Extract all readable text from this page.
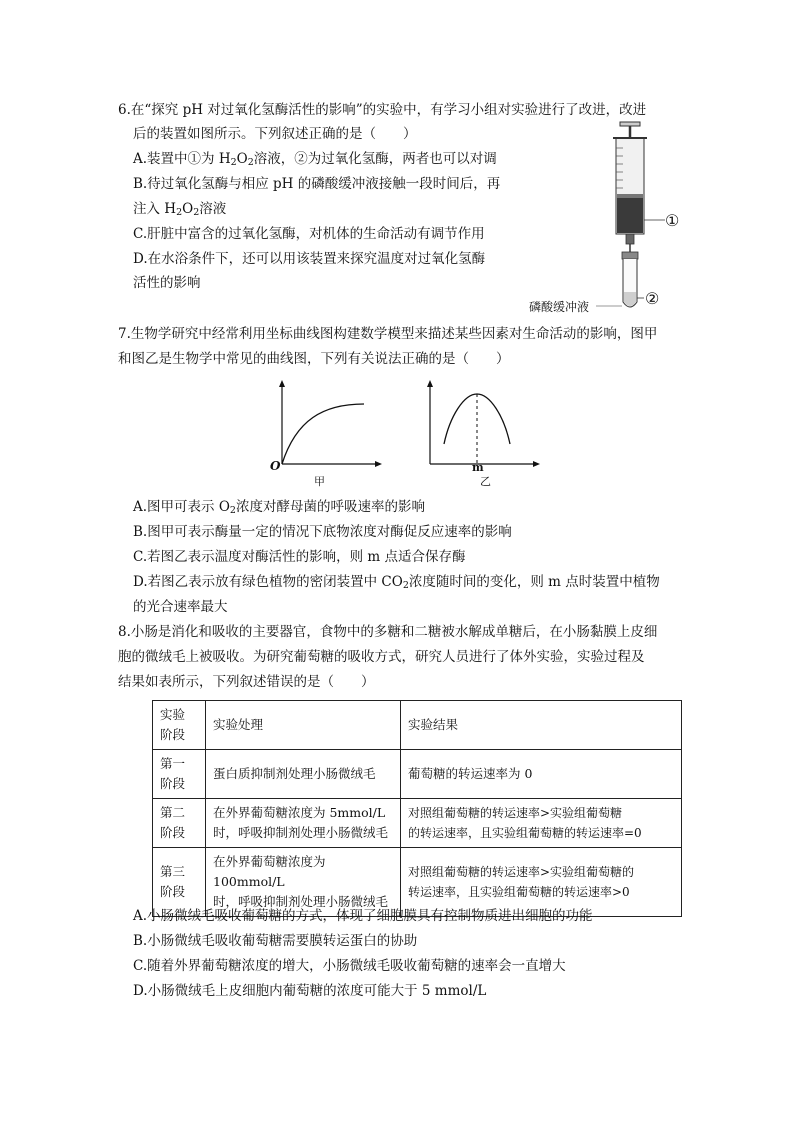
6.在“探究 pH 对过氧化氢酶活性的影响”的实验中，有学习小组对实验进行了改进，改进
后的装置如图所示。下列叙述正确的是（　　）
A.装置中①为 $H_2O_2$溶液，②为过氧化氢酶，两者也可以对调
B.待过氧化氢酶与相应 pH 的磷酸缓冲液接触一段时间后，再
注入 $H_2O_2$溶液
C.肝脏中富含的过氧化氢酶，对机体的生命活动有调节作用
D.在水浴条件下，还可以用该装置来探究温度对过氧化氢酶
活性的影响
①
②
磷酸缓冲液
7.生物学研究中经常利用坐标曲线图构建数学模型来描述某些因素对生命活动的影响，图甲
和图乙是生物学中常见的曲线图，下列有关说法正确的是（　　）
O
甲
m
乙
A.图甲可表示 $O_2$浓度对酵母菌的呼吸速率的影响
B.图甲可表示酶量一定的情况下底物浓度对酶促反应速率的影响
C.若图乙表示温度对酶活性的影响，则 m 点适合保存酶
D.若图乙表示放有绿色植物的密闭装置中 $CO_2$浓度随时间的变化，则 m 点时装置中植物
的光合速率最大
8.小肠是消化和吸收的主要器官，食物中的多糖和二糖被水解成单糖后，在小肠黏膜上皮细
胞的微绒毛上被吸收。为研究葡萄糖的吸收方式，研究人员进行了体外实验，实验过程及
结果如表所示，下列叙述错误的是（　　）
实验
阶段	实验处理	实验结果
第一
阶段	蛋白质抑制剂处理小肠微绒毛	葡萄糖的转运速率为 0
第二
阶段	在外界葡萄糖浓度为 5mmol/L
时，呼吸抑制剂处理小肠微绒毛	对照组葡萄糖的转运速率>实验组葡萄糖
的转运速率，且实验组葡萄糖的转运速率=0
第三
阶段	在外界葡萄糖浓度为 100mmol/L
时，呼吸抑制剂处理小肠微绒毛	对照组葡萄糖的转运速率>实验组葡萄糖的
转运速率，且实验组葡萄糖的转运速率>0
A.小肠微绒毛吸收葡萄糖的方式，体现了细胞膜具有控制物质进出细胞的功能
B.小肠微绒毛吸收葡萄糖需要膜转运蛋白的协助
C.随着外界葡萄糖浓度的增大，小肠微绒毛吸收葡萄糖的速率会一直增大
D.小肠微绒毛上皮细胞内葡萄糖的浓度可能大于 5 mmol/L
